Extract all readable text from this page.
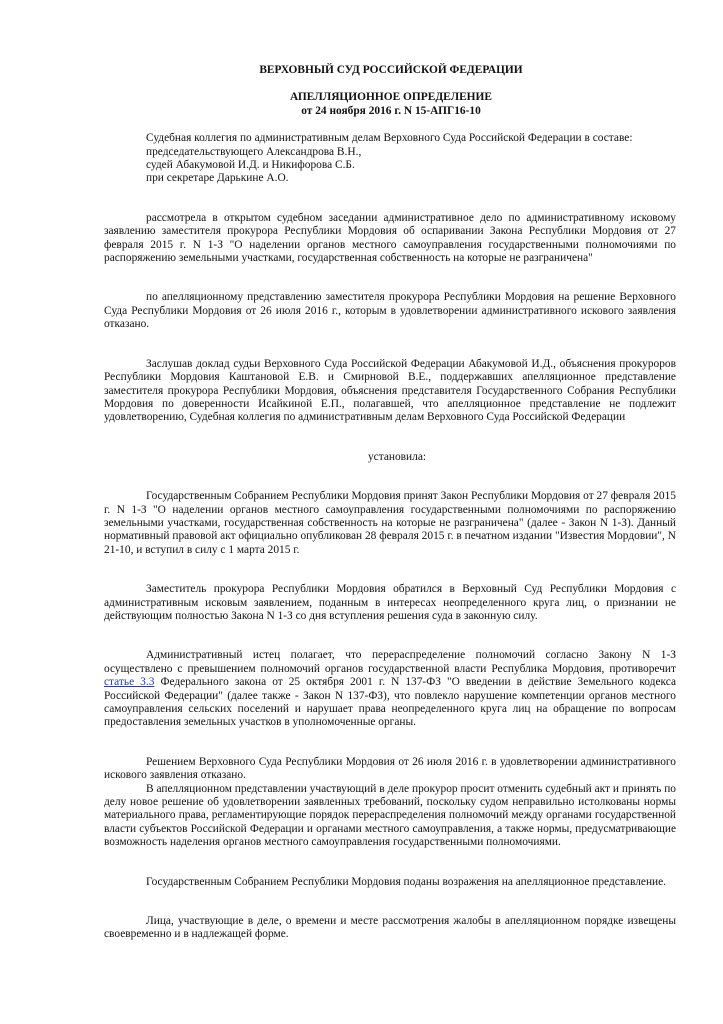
ВЕРХОВНЫЙ СУД РОССИЙСКОЙ ФЕДЕРАЦИИ
АПЕЛЛЯЦИОННОЕ ОПРЕДЕЛЕНИЕ
от 24 ноября 2016 г. N 15-АПГ16-10
Судебная коллегия по административным делам Верховного Суда Российской Федерации в составе:
председательствующего Александрова В.Н.,
судей Абакумовой И.Д. и Никифорова С.Б.
при секретаре Дарькине А.О.

рассмотрела в открытом судебном заседании административное дело по административному исковому заявлению заместителя прокурора Республики Мордовия об оспаривании Закона Республики Мордовия от 27 февраля 2015 г. N 1-З "О наделении органов местного самоуправления государственными полномочиями по распоряжению земельными участками, государственная собственность на которые не разграничена"

по апелляционному представлению заместителя прокурора Республики Мордовия на решение Верховного Суда Республики Мордовия от 26 июля 2016 г., которым в удовлетворении административного искового заявления отказано.

Заслушав доклад судьи Верховного Суда Российской Федерации Абакумовой И.Д., объяснения прокуроров Республики Мордовия Каштановой Е.В. и Смирновой В.Е., поддержавших апелляционное представление заместителя прокурора Республики Мордовия, объяснения представителя Государственного Собрания Республики Мордовия по доверенности Исайкиной Е.П., полагавшей, что апелляционное представление не подлежит удовлетворению, Судебная коллегия по административным делам Верховного Суда Российской Федерации

установила:

Государственным Собранием Республики Мордовия принят Закон Республики Мордовия от 27 февраля 2015 г. N 1-З "О наделении органов местного самоуправления государственными полномочиями по распоряжению земельными участками, государственная собственность на которые не разграничена" (далее - Закон N 1-З). Данный нормативный правовой акт официально опубликован 28 февраля 2015 г. в печатном издании "Известия Мордовии", N 21-10, и вступил в силу с 1 марта 2015 г.

Заместитель прокурора Республики Мордовия обратился в Верховный Суд Республики Мордовия с административным исковым заявлением, поданным в интересах неопределенного круга лиц, о признании не действующим полностью Закона N 1-З со дня вступления решения суда в законную силу.

Административный истец полагает, что перераспределение полномочий согласно Закону N 1-З осуществлено с превышением полномочий органов государственной власти Республика Мордовия, противоречит статье 3.3 Федерального закона от 25 октября 2001 г. N 137-ФЗ "О введении в действие Земельного кодекса Российской Федерации" (далее также - Закон N 137-ФЗ), что повлекло нарушение компетенции органов местного самоуправления сельских поселений и нарушает права неопределенного круга лиц на обращение по вопросам предоставления земельных участков в уполномоченные органы.

Решением Верховного Суда Республики Мордовия от 26 июля 2016 г. в удовлетворении административного искового заявления отказано.

В апелляционном представлении участвующий в деле прокурор просит отменить судебный акт и принять по делу новое решение об удовлетворении заявленных требований, поскольку судом неправильно истолкованы нормы материального права, регламентирующие порядок перераспределения полномочий между органами государственной власти субъектов Российской Федерации и органами местного самоуправления, а также нормы, предусматривающие возможность наделения органов местного самоуправления государственными полномочиями.

Государственным Собранием Республики Мордовия поданы возражения на апелляционное представление.

Лица, участвующие в деле, о времени и месте рассмотрения жалобы в апелляционном порядке извещены своевременно и в надлежащей форме.
